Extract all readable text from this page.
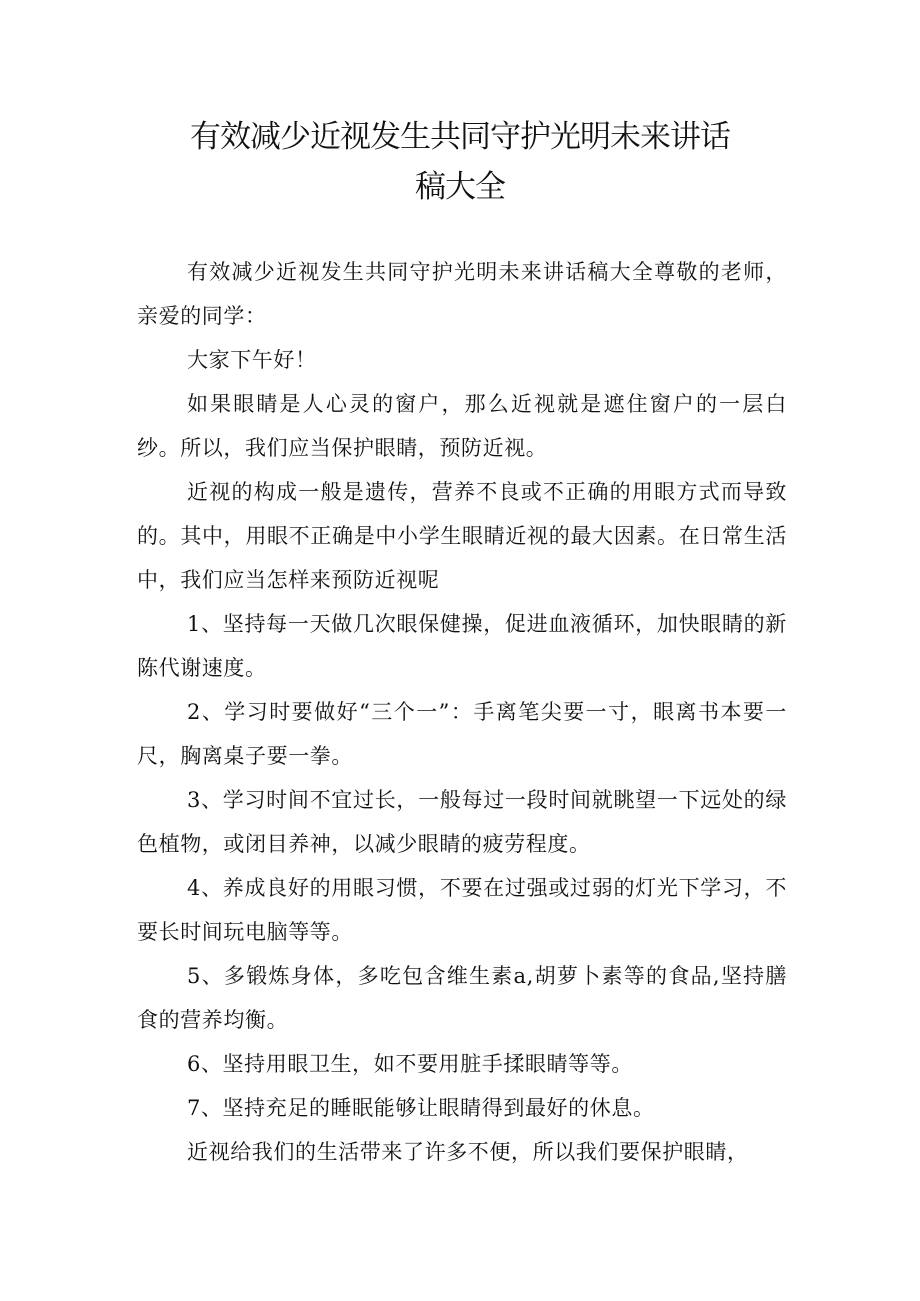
有效减少近视发生共同守护光明未来讲话
稿大全

有效减少近视发生共同守护光明未来讲话稿大全尊敬的老师，亲爱的同学：

大家下午好！

如果眼睛是人心灵的窗户，那么近视就是遮住窗户的一层白纱。所以，我们应当保护眼睛，预防近视。

近视的构成一般是遗传，营养不良或不正确的用眼方式而导致的。其中，用眼不正确是中小学生眼睛近视的最大因素。在日常生活中，我们应当怎样来预防近视呢

1、坚持每一天做几次眼保健操，促进血液循环，加快眼睛的新陈代谢速度。

2、学习时要做好“三个一”：手离笔尖要一寸，眼离书本要一尺，胸离桌子要一拳。

3、学习时间不宜过长，一般每过一段时间就眺望一下远处的绿色植物，或闭目养神，以减少眼睛的疲劳程度。

4、养成良好的用眼习惯，不要在过强或过弱的灯光下学习，不要长时间玩电脑等等。

5、多锻炼身体，多吃包含维生素a,胡萝卜素等的食品,坚持膳食的营养均衡。

6、坚持用眼卫生，如不要用脏手揉眼睛等等。

7、坚持充足的睡眠能够让眼睛得到最好的休息。

近视给我们的生活带来了许多不便，所以我们要保护眼睛，
